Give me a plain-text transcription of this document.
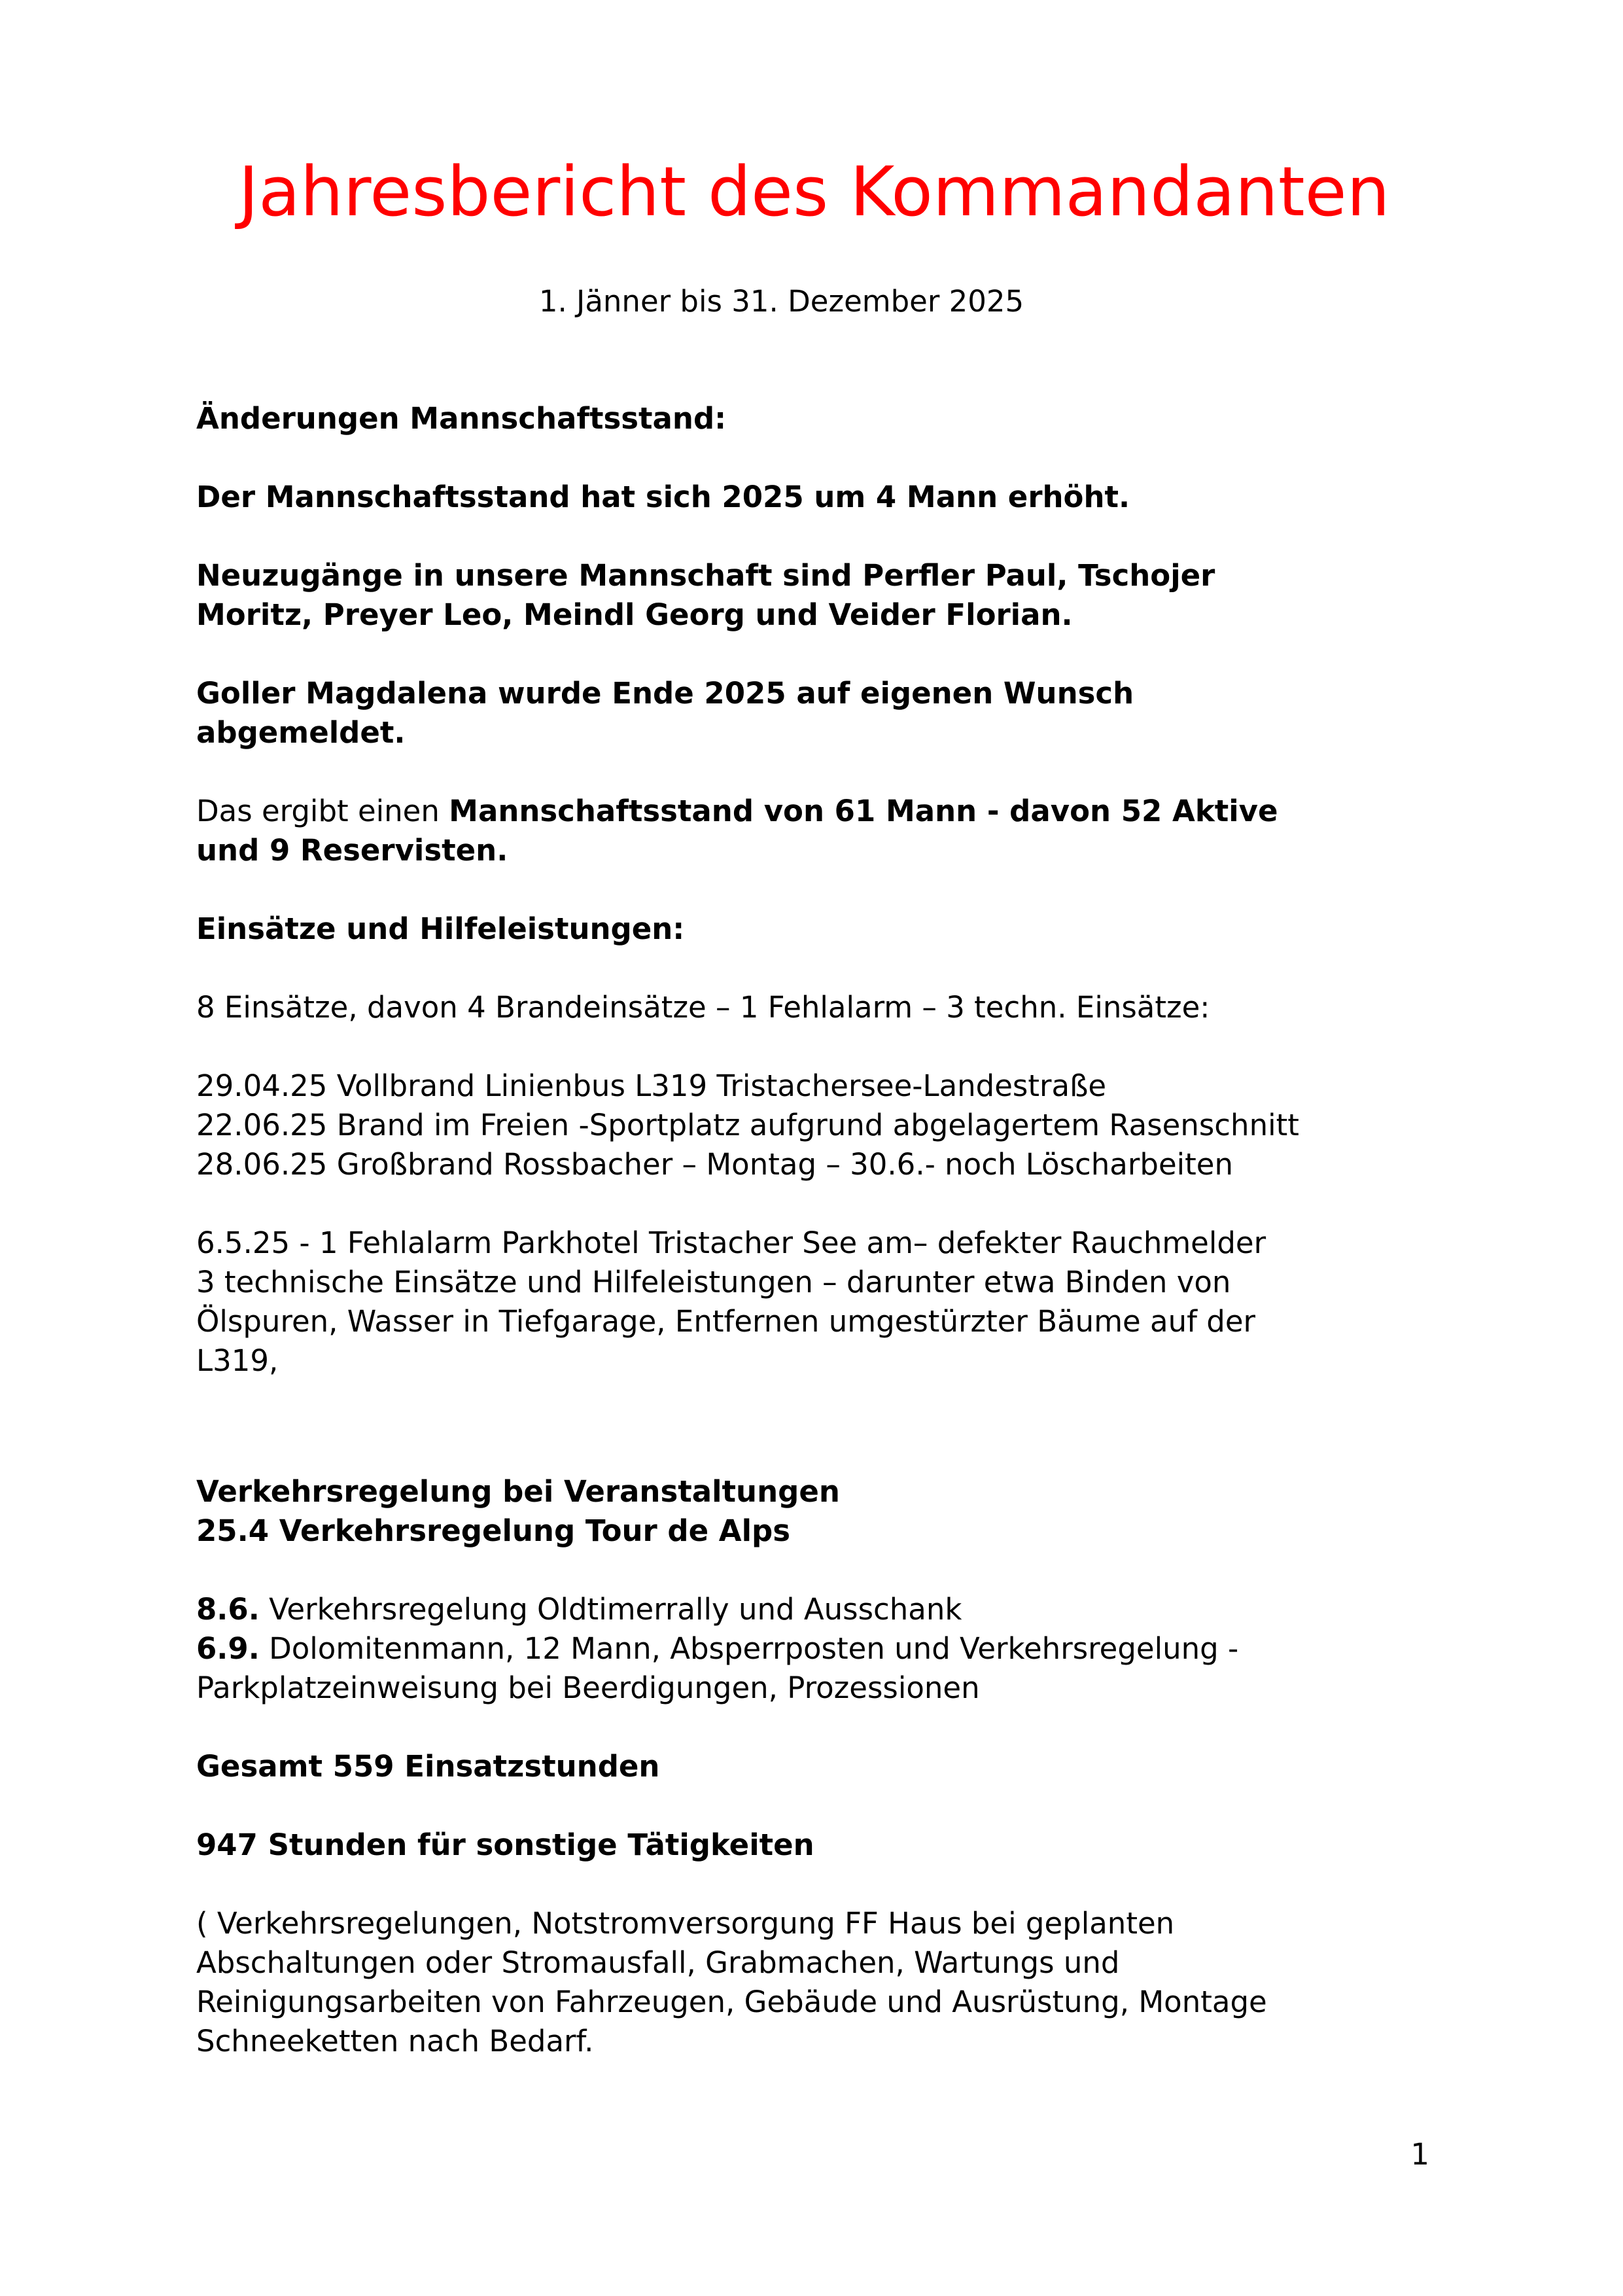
Jahresbericht des Kommandanten
1. Jänner bis 31. Dezember 2025
Änderungen Mannschaftsstand:
Der Mannschaftsstand hat sich 2025 um 4 Mann erhöht.
Neuzugänge in unsere Mannschaft sind Perfler Paul, Tschojer
Moritz, Preyer Leo, Meindl Georg und Veider Florian.
Goller Magdalena wurde Ende 2025 auf eigenen Wunsch
abgemeldet.
Das ergibt einen Mannschaftsstand von 61 Mann - davon 52 Aktive
und 9 Reservisten.
Einsätze und Hilfeleistungen:
8 Einsätze, davon 4 Brandeinsätze – 1 Fehlalarm – 3 techn. Einsätze:
29.04.25 Vollbrand Linienbus L319 Tristachersee-Landestraße
22.06.25 Brand im Freien -Sportplatz aufgrund abgelagertem Rasenschnitt
28.06.25 Großbrand Rossbacher – Montag – 30.6.- noch Löscharbeiten
6.5.25 - 1 Fehlalarm Parkhotel Tristacher See am– defekter Rauchmelder
3 technische Einsätze und Hilfeleistungen – darunter etwa Binden von
Ölspuren, Wasser in Tiefgarage, Entfernen umgestürzter Bäume auf der
L319,
Verkehrsregelung bei Veranstaltungen
25.4 Verkehrsregelung Tour de Alps
8.6. Verkehrsregelung Oldtimerrally und Ausschank
6.9. Dolomitenmann, 12 Mann, Absperrposten und Verkehrsregelung -
Parkplatzeinweisung bei Beerdigungen, Prozessionen
Gesamt 559 Einsatzstunden
947 Stunden für sonstige Tätigkeiten
( Verkehrsregelungen, Notstromversorgung FF Haus bei geplanten
Abschaltungen oder Stromausfall, Grabmachen, Wartungs und
Reinigungsarbeiten von Fahrzeugen, Gebäude und Ausrüstung, Montage
Schneeketten nach Bedarf.
1
